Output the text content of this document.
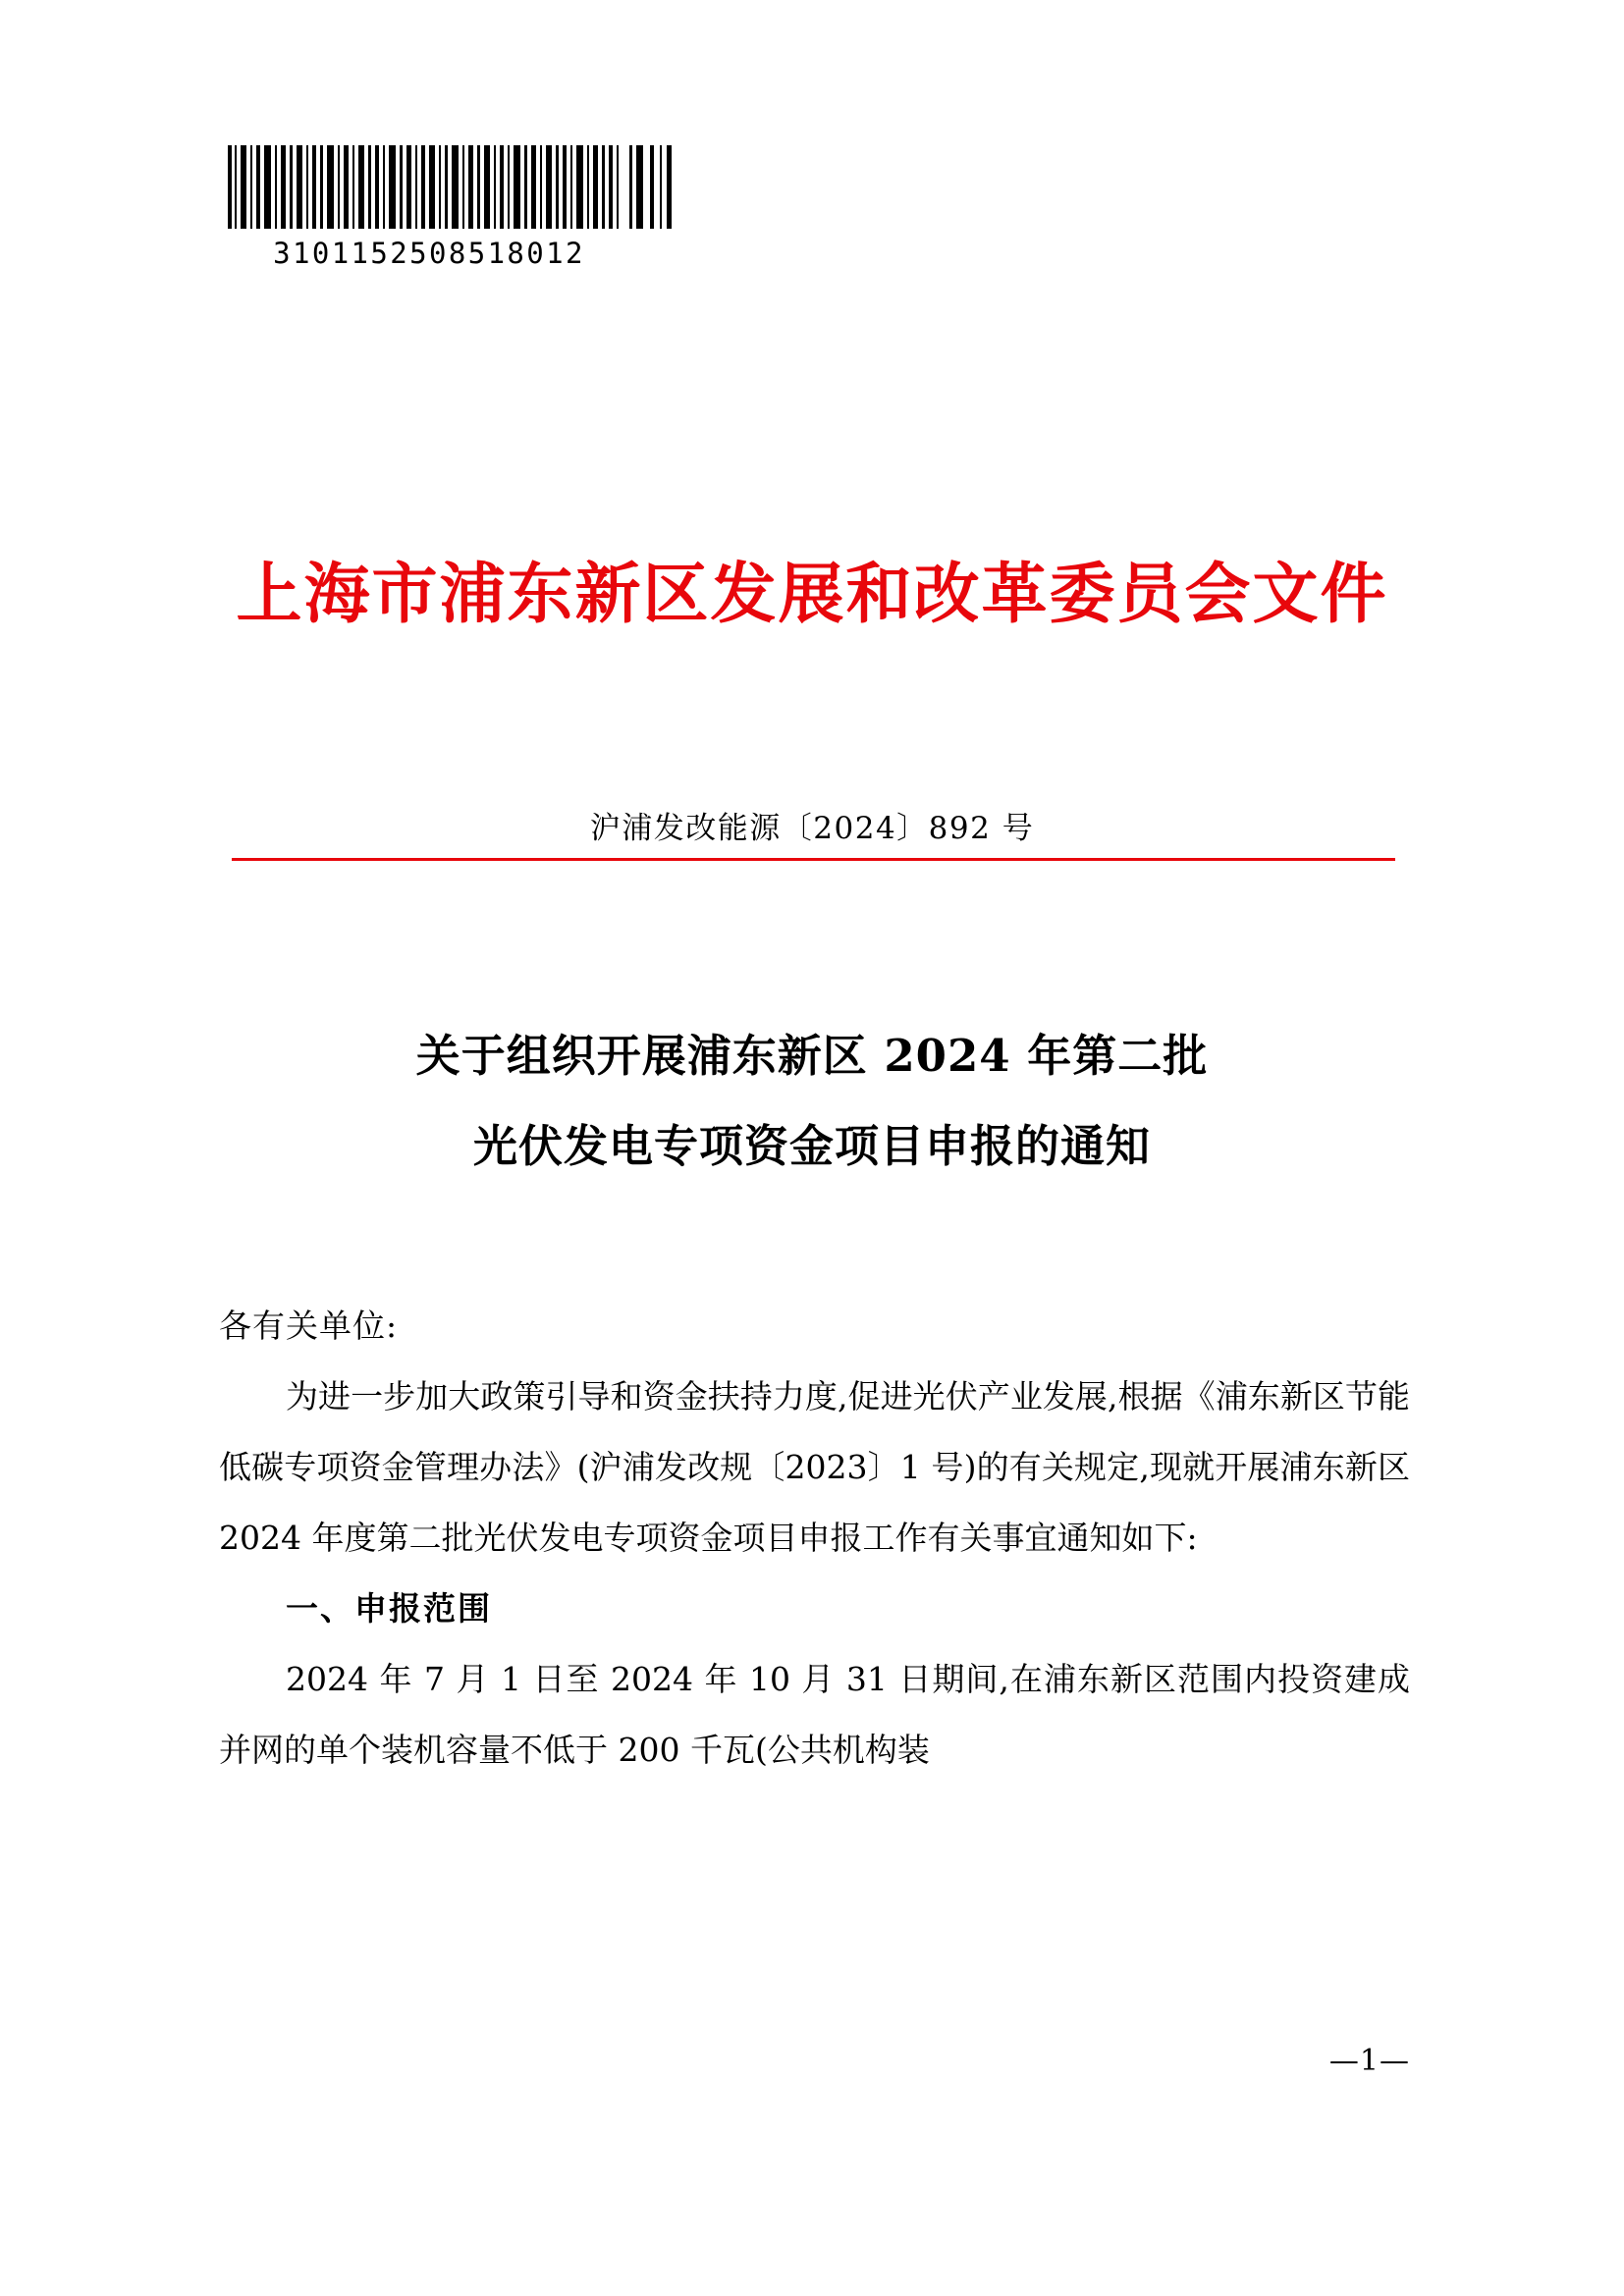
3101152508518012
上海市浦东新区发展和改革委员会文件
沪浦发改能源〔2024〕892 号
关于组织开展浦东新区 2024 年第二批
光伏发电专项资金项目申报的通知

各有关单位:

为进一步加大政策引导和资金扶持力度,促进光伏产业发展,根据《浦东新区节能低碳专项资金管理办法》(沪浦发改规〔2023〕1 号)的有关规定,现就开展浦东新区 2024 年度第二批光伏发电专项资金项目申报工作有关事宜通知如下:

一、申报范围

2024 年 7 月 1 日至 2024 年 10 月 31 日期间,在浦东新区范围内投资建成并网的单个装机容量不低于 200 千瓦(公共机构装

—1—
